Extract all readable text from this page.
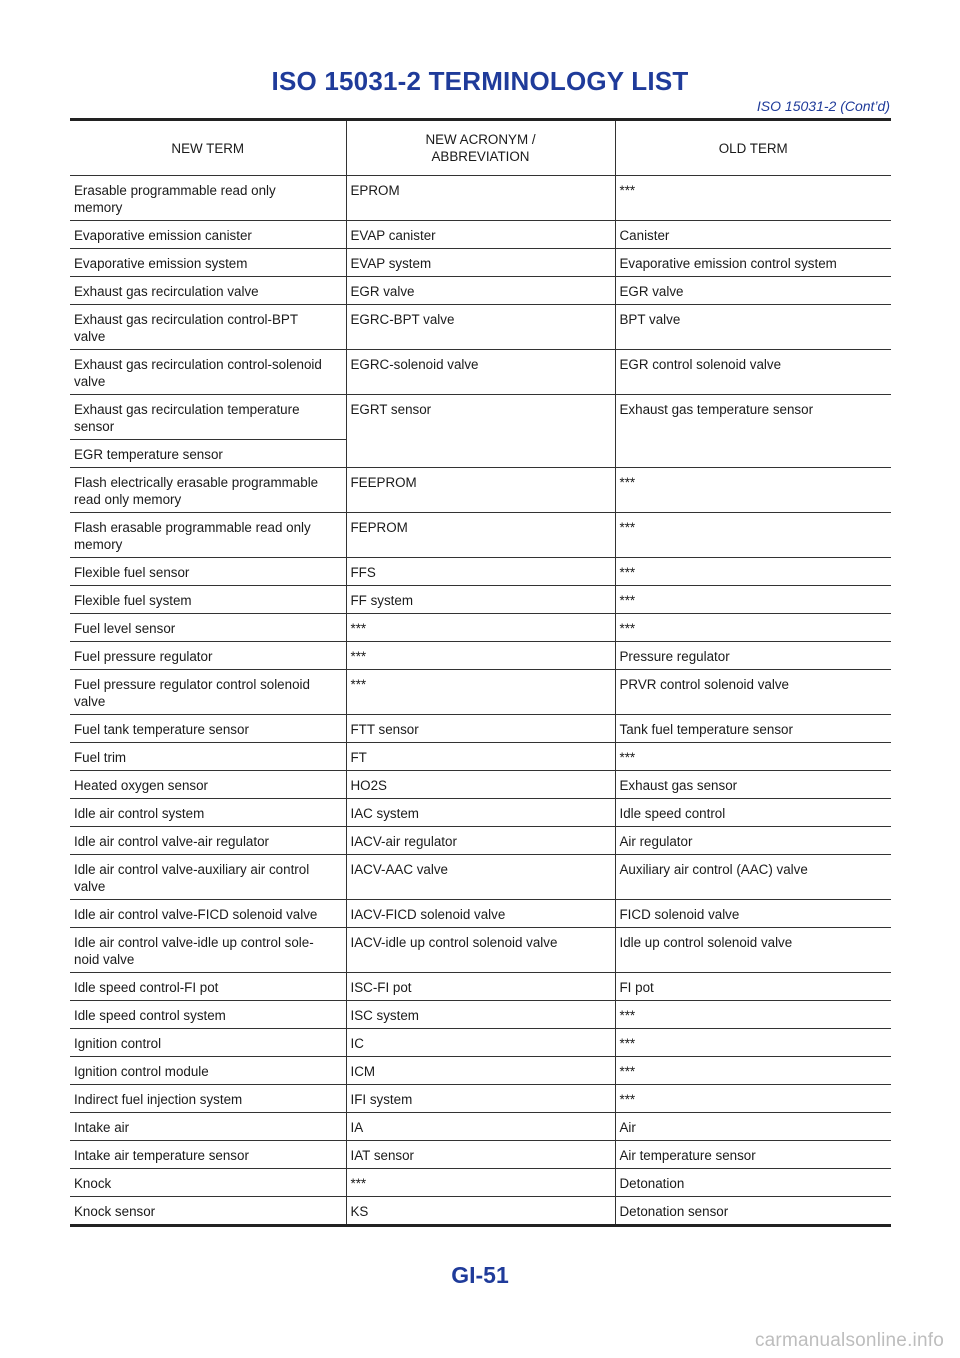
ISO 15031-2 TERMINOLOGY LIST
ISO 15031-2 (Cont’d)
NEW TERM	NEW ACRONYM / ABBREVIATION	OLD TERM
Erasable programmable read only memory	EPROM	***
Evaporative emission canister	EVAP canister	Canister
Evaporative emission system	EVAP system	Evaporative emission control system
Exhaust gas recirculation valve	EGR valve	EGR valve
Exhaust gas recirculation control-BPT valve	EGRC-BPT valve	BPT valve
Exhaust gas recirculation control-solenoid valve	EGRC-solenoid valve	EGR control solenoid valve
Exhaust gas recirculation temperature sensor	EGRT sensor	Exhaust gas temperature sensor
EGR temperature sensor		
Flash electrically erasable programmable read only memory	FEEPROM	***
Flash erasable programmable read only memory	FEPROM	***
Flexible fuel sensor	FFS	***
Flexible fuel system	FF system	***
Fuel level sensor	***	***
Fuel pressure regulator	***	Pressure regulator
Fuel pressure regulator control solenoid valve	***	PRVR control solenoid valve
Fuel tank temperature sensor	FTT sensor	Tank fuel temperature sensor
Fuel trim	FT	***
Heated oxygen sensor	HO2S	Exhaust gas sensor
Idle air control system	IAC system	Idle speed control
Idle air control valve-air regulator	IACV-air regulator	Air regulator
Idle air control valve-auxiliary air control valve	IACV-AAC valve	Auxiliary air control (AAC) valve
Idle air control valve-FICD solenoid valve	IACV-FICD solenoid valve	FICD solenoid valve
Idle air control valve-idle up control sole- noid valve	IACV-idle up control solenoid valve	Idle up control solenoid valve
Idle speed control-FI pot	ISC-FI pot	FI pot
Idle speed control system	ISC system	***
Ignition control	IC	***
Ignition control module	ICM	***
Indirect fuel injection system	IFI system	***
Intake air	IA	Air
Intake air temperature sensor	IAT sensor	Air temperature sensor
Knock	***	Detonation
Knock sensor	KS	Detonation sensor
GI-51
carmanualsonline.info
